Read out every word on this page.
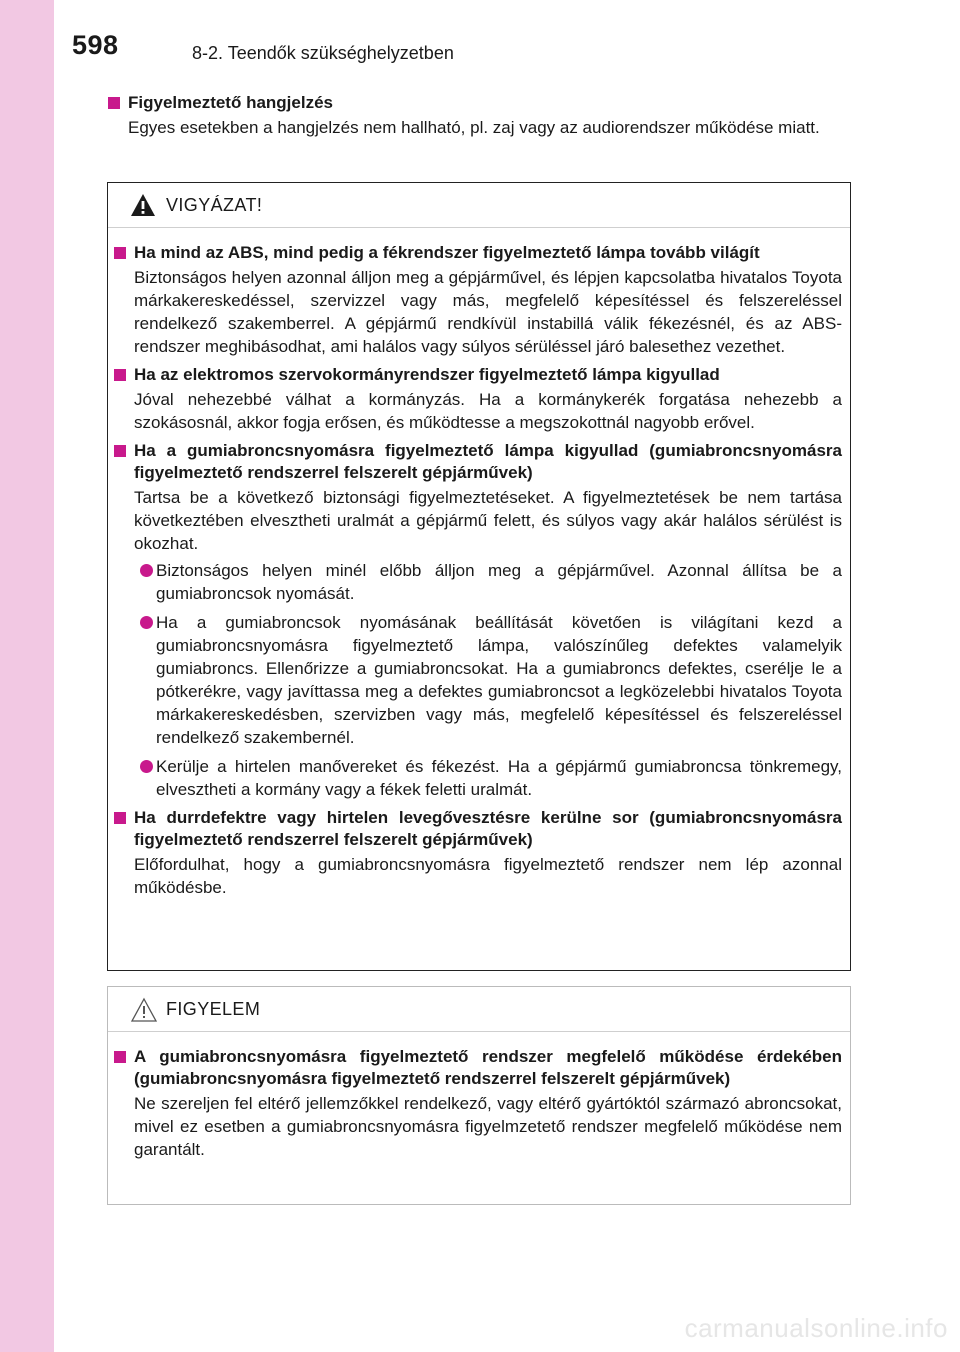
598	8-2. Teendők szükséghelyzetben
Figyelmeztető hangjelzés
Egyes esetekben a hangjelzés nem hallható, pl. zaj vagy az audiorendszer működése miatt.
VIGYÁZAT!
Ha mind az ABS, mind pedig a fékrendszer figyelmeztető lámpa tovább világít
Biztonságos helyen azonnal álljon meg a gépjárművel, és lépjen kapcsolatba hivatalos Toyota márkakereskedéssel, szervizzel vagy más, megfelelő képesítéssel és felszereléssel rendelkező szakemberrel. A gépjármű rendkívül instabillá válik fékezésnél, és az ABS-rendszer meghibásodhat, ami halálos vagy súlyos sérüléssel járó balesethez vezethet.
Ha az elektromos szervokormányrendszer figyelmeztető lámpa kigyullad
Jóval nehezebbé válhat a kormányzás. Ha a kormánykerék forgatása nehezebb a szokásosnál, akkor fogja erősen, és működtesse a megszokottnál nagyobb erővel.
Ha a gumiabroncsnyomásra figyelmeztető lámpa kigyullad (gumiabroncsnyomásra figyelmeztető rendszerrel felszerelt gépjárművek)
Tartsa be a következő biztonsági figyelmeztetéseket. A figyelmeztetések be nem tartása következtében elvesztheti uralmát a gépjármű felett, és súlyos vagy akár halálos sérülést is okozhat.
Biztonságos helyen minél előbb álljon meg a gépjárművel. Azonnal állítsa be a gumiabroncsok nyomását.
Ha a gumiabroncsok nyomásának beállítását követően is világítani kezd a gumiabroncsnyomásra figyelmeztető lámpa, valószínűleg defektes valamelyik gumiabroncs. Ellenőrizze a gumiabroncsokat. Ha a gumiabroncs defektes, cserélje le a pótkerékre, vagy javíttassa meg a defektes gumiabroncsot a legközelebbi hivatalos Toyota márkakereskedésben, szervizben vagy más, megfelelő képesítéssel és felszereléssel rendelkező szakembernél.
Kerülje a hirtelen manővereket és fékezést. Ha a gépjármű gumiabroncsa tönkremegy, elvesztheti a kormány vagy a fékek feletti uralmát.
Ha durrdefektre vagy hirtelen levegővesztésre kerülne sor (gumiabroncsnyomásra figyelmeztető rendszerrel felszerelt gépjárművek)
Előfordulhat, hogy a gumiabroncsnyomásra figyelmeztető rendszer nem lép azonnal működésbe.
FIGYELEM
A gumiabroncsnyomásra figyelmeztető rendszer megfelelő működése érdekében (gumiabroncsnyomásra figyelmeztető rendszerrel felszerelt gépjárművek)
Ne szereljen fel eltérő jellemzőkkel rendelkező, vagy eltérő gyártóktól származó abroncsokat, mivel ez esetben a gumiabroncsnyomásra figyelmzetető rendszer megfelelő működése nem garantált.
carmanualsonline.info
